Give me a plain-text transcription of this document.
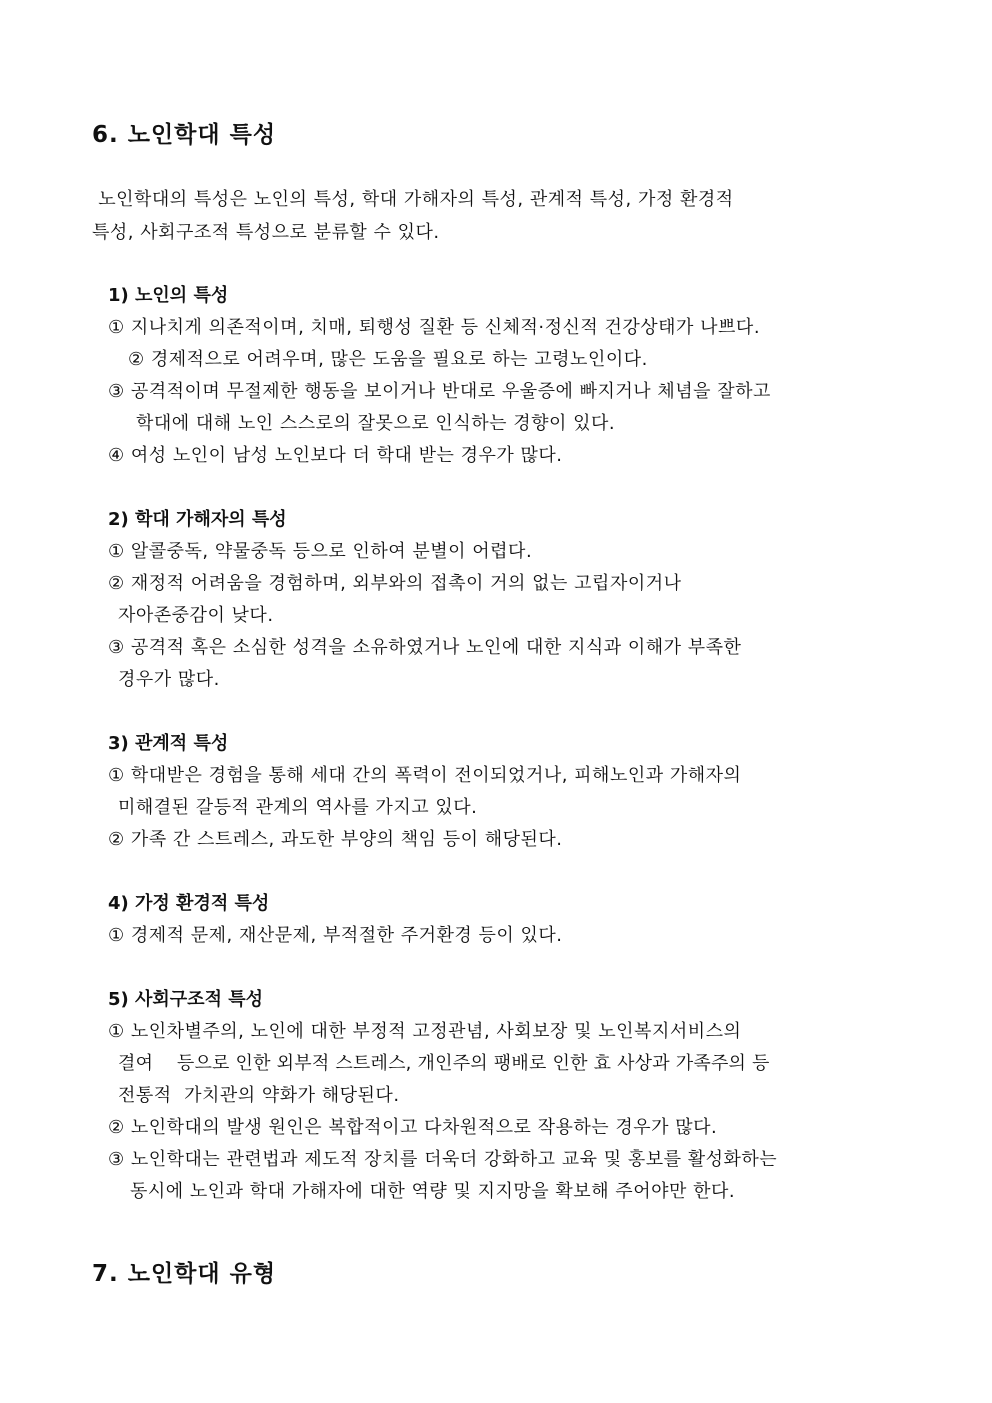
6. 노인학대 특성
노인학대의 특성은 노인의 특성, 학대 가해자의 특성, 관계적 특성, 가정 환경적
특성, 사회구조적 특성으로 분류할 수 있다.
1) 노인의 특성
① 지나치게 의존적이며, 치매, 퇴행성 질환 등 신체적·정신적 건강상태가 나쁘다.
② 경제적으로 어려우며, 많은 도움을 필요로 하는 고령노인이다.
③ 공격적이며 무절제한 행동을 보이거나 반대로 우울증에 빠지거나 체념을 잘하고
학대에 대해 노인 스스로의 잘못으로 인식하는 경향이 있다.
④ 여성 노인이 남성 노인보다 더 학대 받는 경우가 많다.
2) 학대 가해자의 특성
① 알콜중독, 약물중독 등으로 인하여 분별이 어렵다.
② 재정적 어려움을 경험하며, 외부와의 접촉이 거의 없는 고립자이거나
자아존중감이 낮다.
③ 공격적 혹은 소심한 성격을 소유하였거나 노인에 대한 지식과 이해가 부족한
경우가 많다.
3) 관계적 특성
① 학대받은 경험을 통해 세대 간의 폭력이 전이되었거나, 피해노인과 가해자의
미해결된 갈등적 관계의 역사를 가지고 있다.
② 가족 간 스트레스, 과도한 부양의 책임 등이 해당된다.
4) 가정 환경적 특성
① 경제적 문제, 재산문제, 부적절한 주거환경 등이 있다.
5) 사회구조적 특성
① 노인차별주의, 노인에 대한 부정적 고정관념, 사회보장 및 노인복지서비스의
결여    등으로 인한 외부적 스트레스, 개인주의 팽배로 인한 효 사상과 가족주의 등
전통적  가치관의 약화가 해당된다.
② 노인학대의 발생 원인은 복합적이고 다차원적으로 작용하는 경우가 많다.
③ 노인학대는 관련법과 제도적 장치를 더욱더 강화하고 교육 및 홍보를 활성화하는
동시에 노인과 학대 가해자에 대한 역량 및 지지망을 확보해 주어야만 한다.
7. 노인학대 유형
